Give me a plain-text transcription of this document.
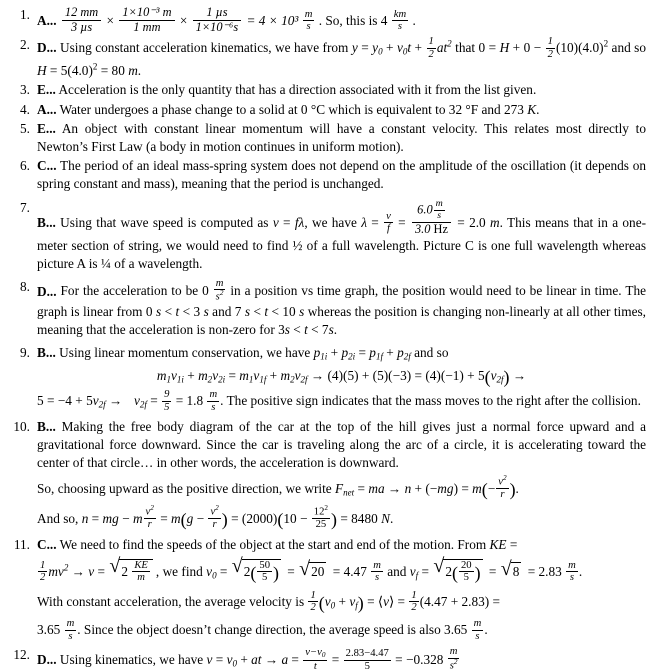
1. A... $\frac{12 mm}{\text{3 µs}} \times \frac{\text{1×10⁻³ m}}{1 mm} \times \frac{\text{1 µs}}{\text{1×10⁻⁶s}} = 4 \times 10^3 \frac{m}{s}$ . So, this is $4 \frac{km}{s}$ .
2. D... Using constant acceleration kinematics, we have from $y = y_0 + v_0t + \frac{1}{2} at^2$ that $0 = H + 0 - \frac{1}{2} (10)(4.0)^2$ and so $H = 5(4.0)^2 = 80$ m.
3. E... Acceleration is the only quantity that has a direction associated with it from the list given.
4. A... Water undergoes a phase change to a solid at 0 °C which is equivalent to 32 °F and 273 K.
5. E... An object with constant linear momentum will have a constant velocity. This relates most directly to Newton’s First Law (a body in motion continues in uniform motion).
6. C... The period of an ideal mass-spring system does not depend on the amplitude of the oscillation (it depends on spring constant and mass), meaning that the period is unchanged.
7.
B... Using that wave speed is computed as v = fλ, we have $\lambda = \frac{v}{f} = \frac{6.0 \frac{m}{s}}{3.0 Hz} = 2.0$ m. This means that in a one-meter section of string, we would need to find ½ of a full wavelength. Picture C is one full wavelength whereas picture A is ¼ of a wavelength.
8. D... For the acceleration to be $0 \frac{m}{s^2}$ in a position vs time graph, the position would need to be linear in time. The graph is linear from 0 s < t < 3 s and 7 s < t < 10 s whereas the position is changing non-linearly at all other times, meaning that the acceleration is non-zero for 3s < t < 7s.
9. B... Using linear momentum conservation, we have $p_{1i} + p_{2i} = p_{1f} + p_{2f}$ and so
$m_1v_{1i} + m_2v_{2i} = m_1v_{1f} + m_2v_{2f} \to (4)(5) + (5)(-3) = (4)(-1) + 5(v_{2f})$ →
$5 = -4 + 5v_{2f} \to v_{2f} = \frac{9}{5} = 1.8 \frac{m}{s}$ . The positive sign indicates that the mass moves to the right after the collision.
10. B... Making the free body diagram of the car at the top of the hill gives just a normal force upward and a gravitational force downward. Since the car is traveling along the arc of a circle, it is accelerating toward the center of that circle… in other words, the acceleration is downward.
So, choosing upward as the positive direction, we write $F_{net}$ = ma → $n + (-mg) = m(- \frac{v^2}{r}$ ).
And so, n = mg − m $\frac{v^2}{r} = m(g - \frac{v^2}{r}$ ) = $(2000)(10 - \frac{12^2}{25}$ ) = 8480 N.
11. C... We need to find the speeds of the object at the start and end of the motion. From KE =
$\frac{1}{2} mv^2 \to v$ = √ $2 \frac{KE}{m}$ , we find $v_0$ = √ $2( \frac{50}{5}$ ) = √ $20 = 4.47 \frac{m}{s}$ and $v_f$ = √ $2( \frac{20}{5}$ ) = √ $8 = 2.83 \frac{m}{s}$ .
With constant acceleration, the average velocity is $\frac{1}{2} (v_0 + v_f)$ = ⟨v⟩ = $\frac{1}{2} (4.47 + 2.83)$ =
$3.65 \frac{m}{s}$ . Since the object doesn’t change direction, the average speed is also $3.65 \frac{m}{s}$ .
12. D... Using kinematics, we have $v = v_0$ + at → $a = \frac{v-v_0}{t} = \frac{2.83-4.47}{5} = -0.328 \frac{m}{s^2}$
